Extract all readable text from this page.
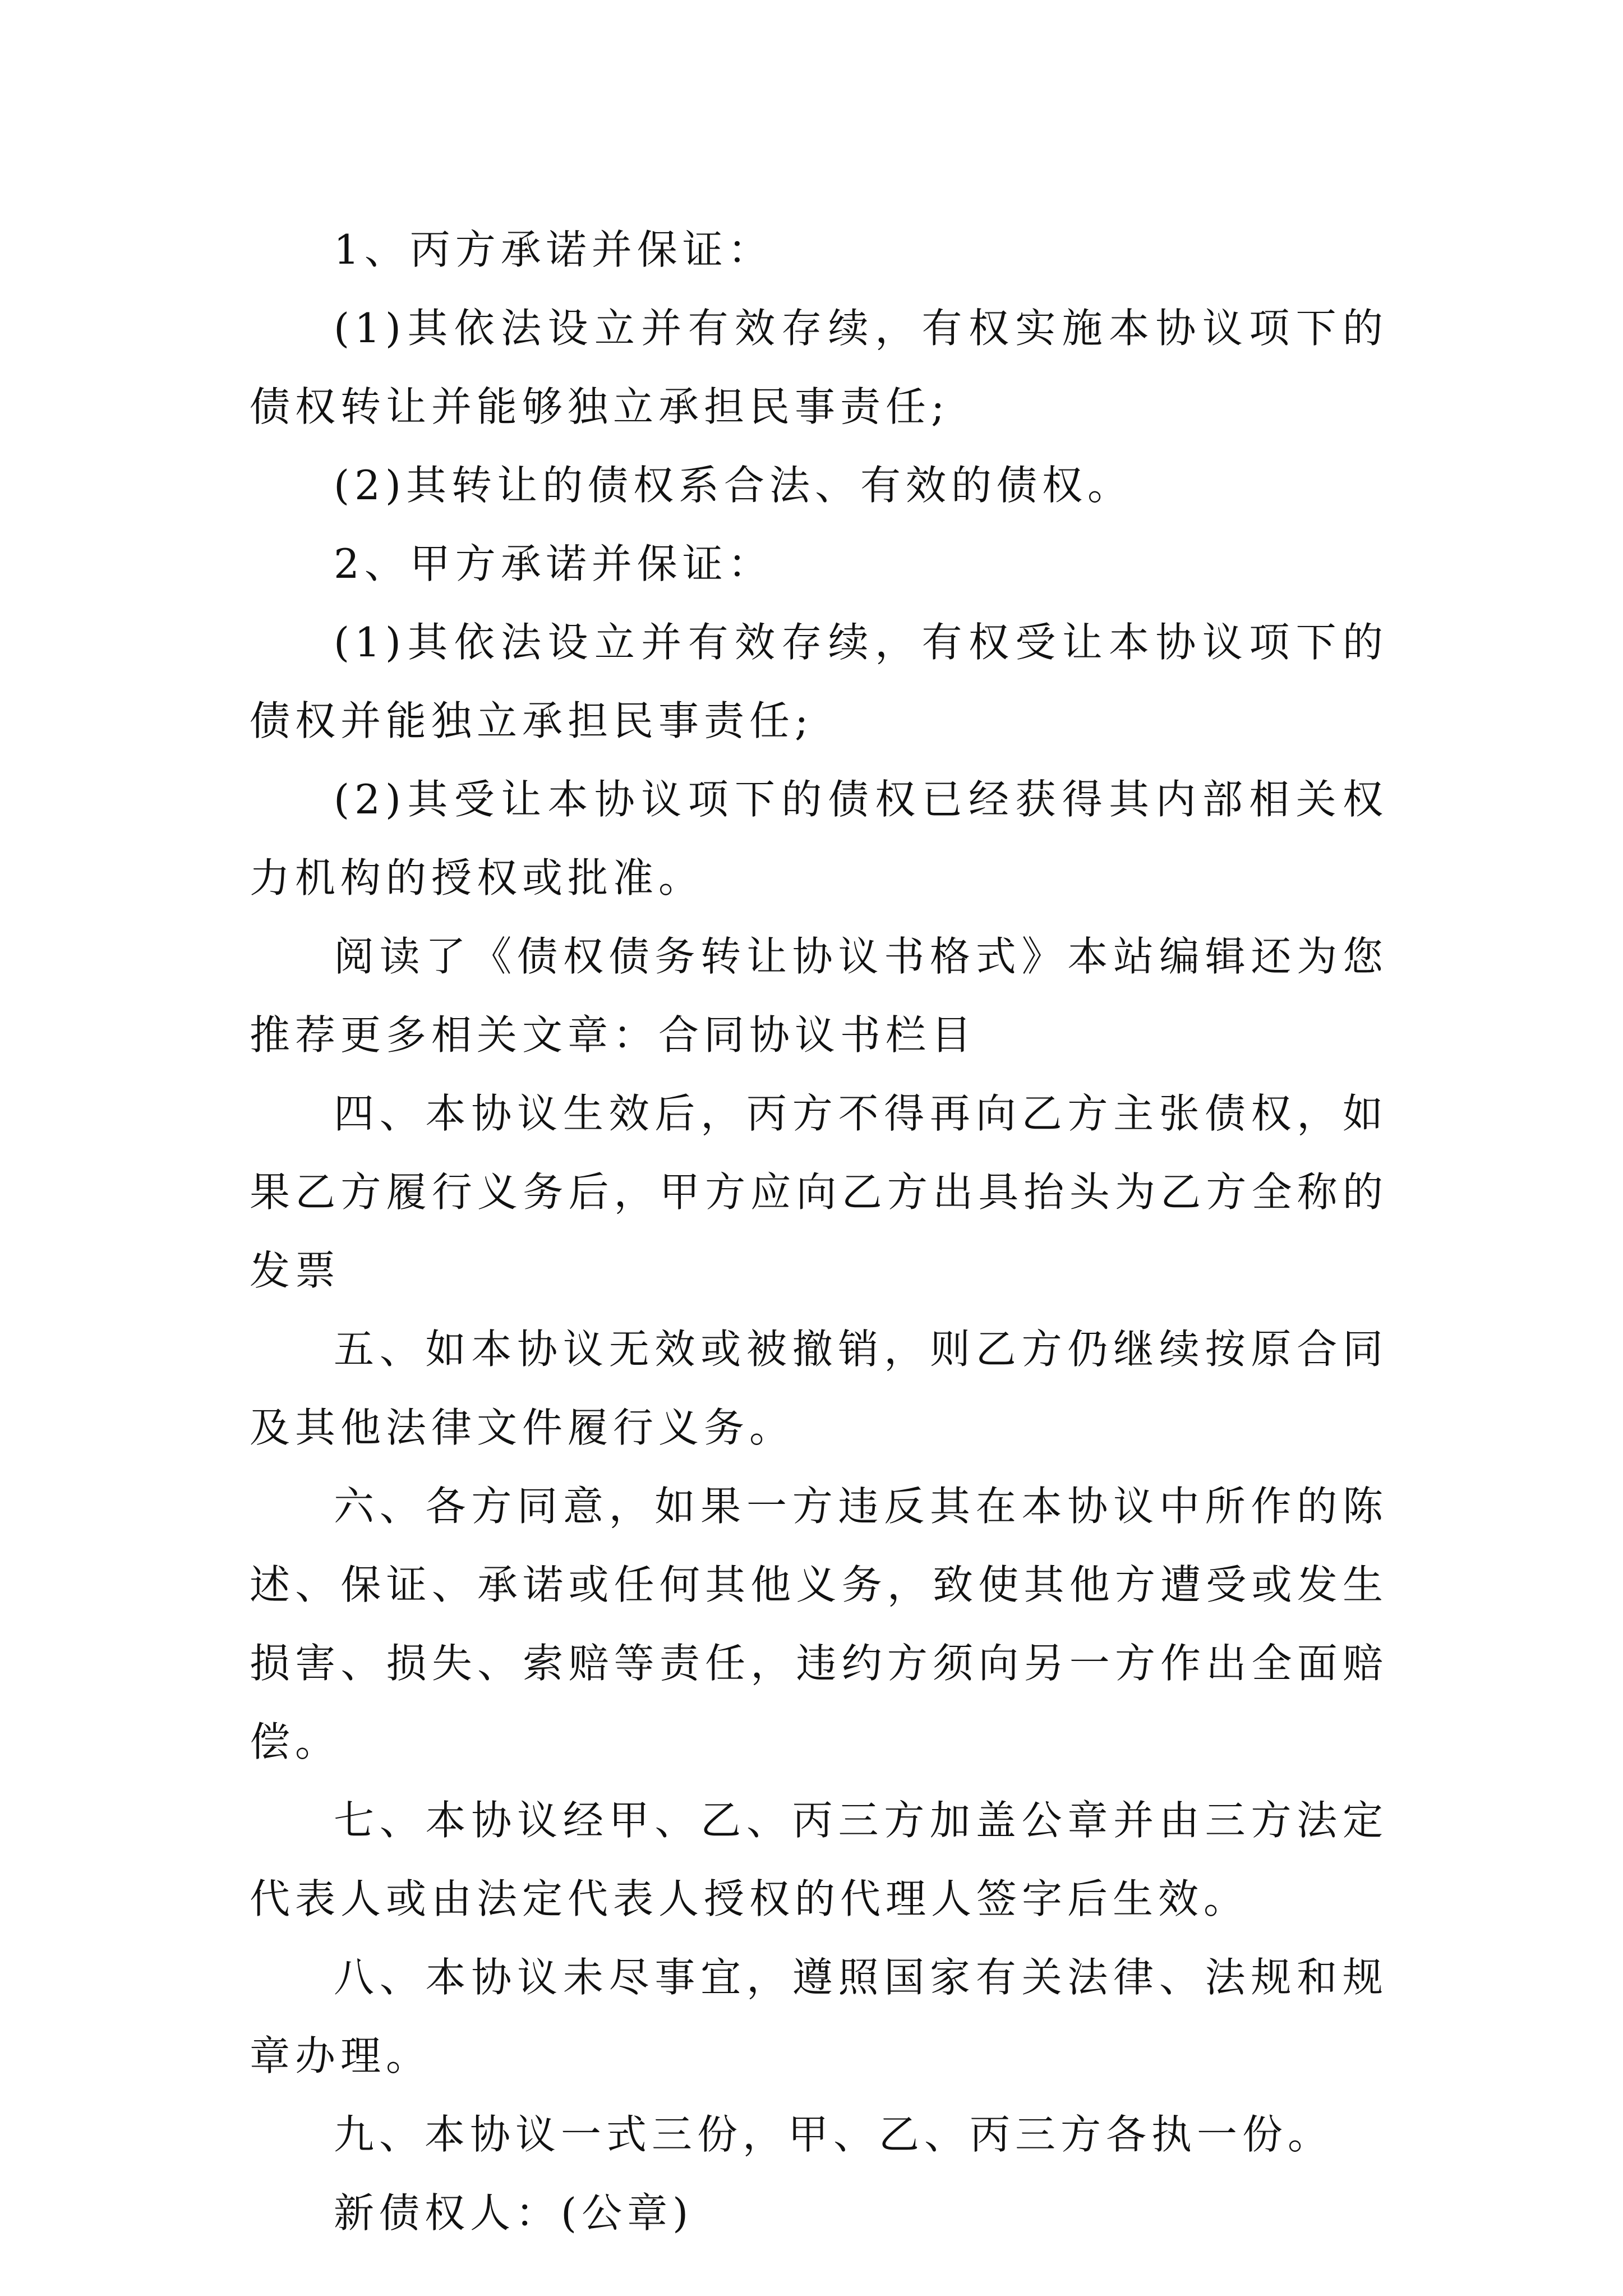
1、丙方承诺并保证：

(1)其依法设立并有效存续，有权实施本协议项下的债权转让并能够独立承担民事责任;

(2)其转让的债权系合法、有效的债权。

2、甲方承诺并保证：

(1)其依法设立并有效存续，有权受让本协议项下的债权并能独立承担民事责任;

(2)其受让本协议项下的债权已经获得其内部相关权力机构的授权或批准。

阅读了《债权债务转让协议书格式》本站编辑还为您推荐更多相关文章：合同协议书栏目

四、本协议生效后，丙方不得再向乙方主张债权，如果乙方履行义务后，甲方应向乙方出具抬头为乙方全称的发票

五、如本协议无效或被撤销，则乙方仍继续按原合同及其他法律文件履行义务。

六、各方同意，如果一方违反其在本协议中所作的陈述、保证、承诺或任何其他义务，致使其他方遭受或发生损害、损失、索赔等责任，违约方须向另一方作出全面赔偿。

七、本协议经甲、乙、丙三方加盖公章并由三方法定代表人或由法定代表人授权的代理人签字后生效。

八、本协议未尽事宜，遵照国家有关法律、法规和规章办理。

九、本协议一式三份，甲、乙、丙三方各执一份。

新债权人：(公章)
